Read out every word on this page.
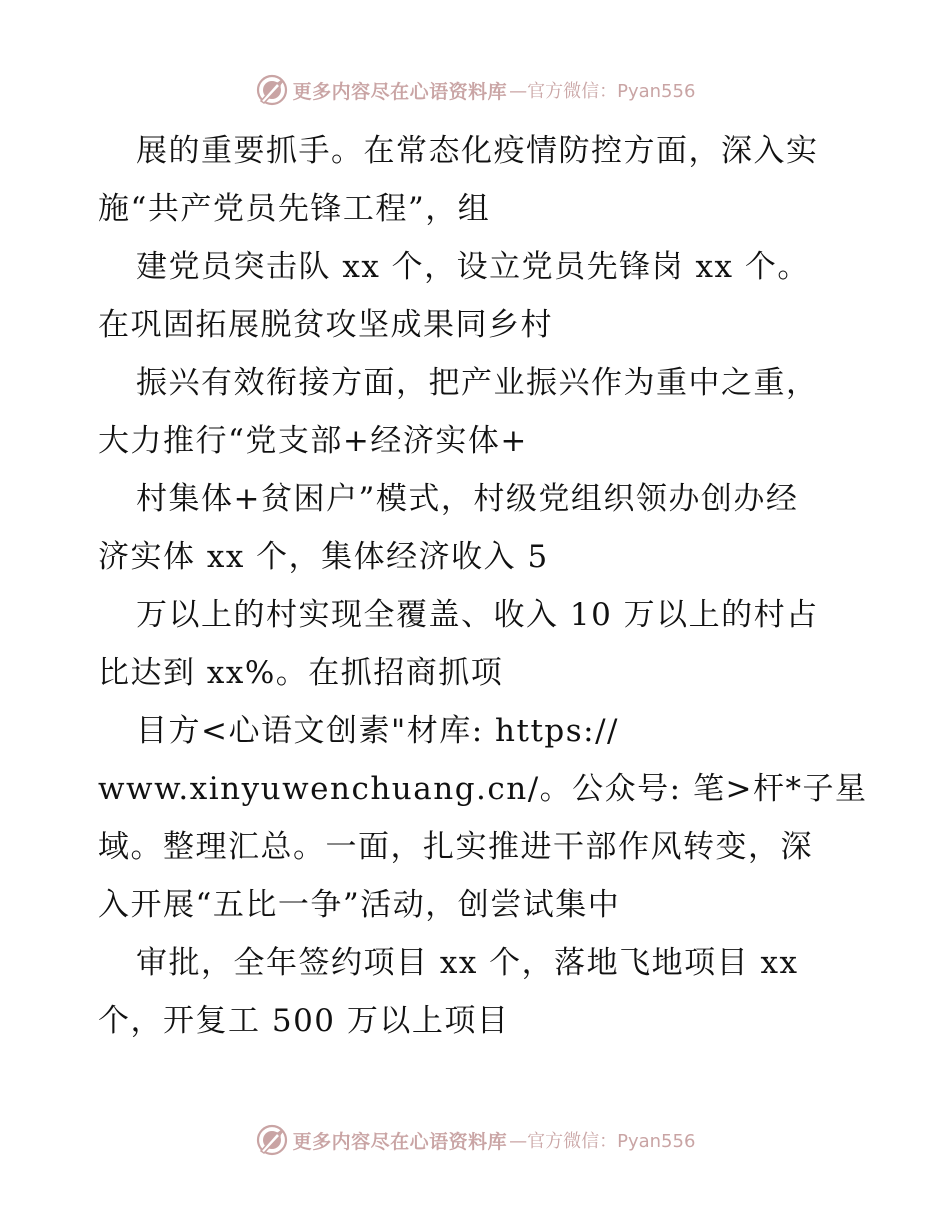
更多内容尽在心语资料库 —官方微信：Pyan556
展的重要抓手。在常态化疫情防控方面，深入实
施“共产党员先锋工程”，组
建党员突击队 xx 个，设立党员先锋岗 xx 个。
在巩固拓展脱贫攻坚成果同乡村
振兴有效衔接方面，把产业振兴作为重中之重，
大力推行“党支部+经济实体+
村集体+贫困户”模式，村级党组织领办创办经
济实体 xx 个，集体经济收入 5
万以上的村实现全覆盖、收入 10 万以上的村占
比达到 xx%。在抓招商抓项
目方<心语文创素"材库: https://
www.xinyuwenchuang.cn/。公众号: 笔>杆*子星
域。整理汇总。一面，扎实推进干部作风转变，深
入开展“五比一争”活动，创尝试集中
审批，全年签约项目 xx 个，落地飞地项目 xx
个，开复工 500 万以上项目
更多内容尽在心语资料库 —官方微信：Pyan556
